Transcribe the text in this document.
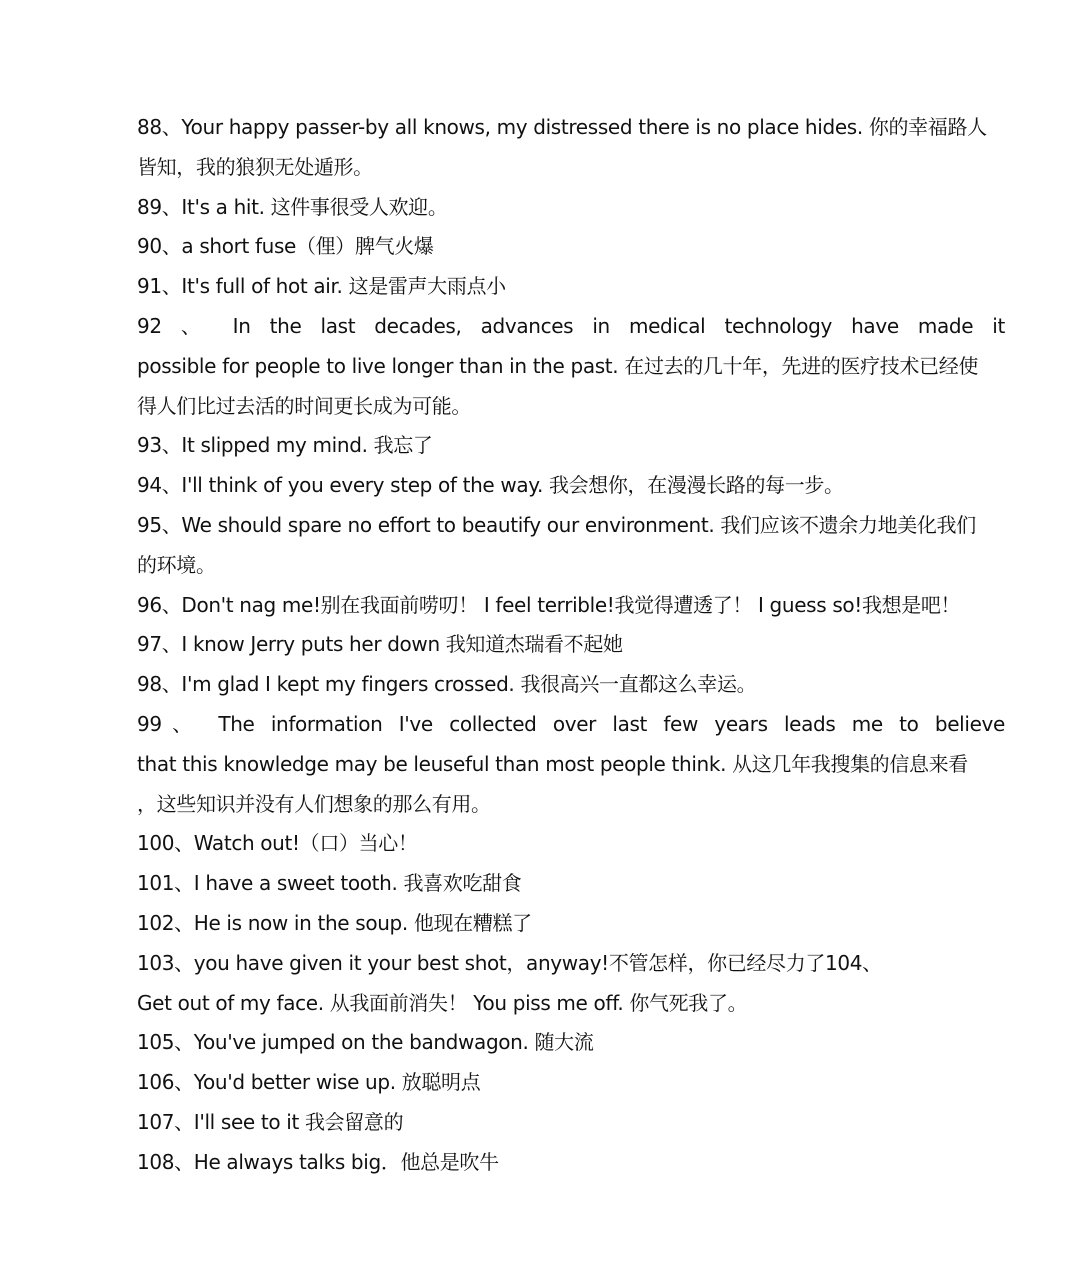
88、Your happy passer-by all knows, my distressed there is no place hides. 你的幸福路人
皆知，我的狼狈无处遁形。
89、It's a hit. 这件事很受人欢迎。
90、a short fuse（俚）脾气火爆
91、It's full of hot air. 这是雷声大雨点小
92 、 In the last decades, advances in medical technology have made it
possible for people to live longer than in the past. 在过去的几十年，先进的医疗技术已经使
得人们比过去活的时间更长成为可能。
93、It slipped my mind. 我忘了
94、I'll think of you every step of the way. 我会想你，在漫漫长路的每一步。
95、We should spare no effort to beautify our environment. 我们应该不遗余力地美化我们
的环境。
96、Don't nag me!别在我面前唠叨！ I feel terrible!我觉得遭透了！ I guess so!我想是吧！
97、I know Jerry puts her down 我知道杰瑞看不起她
98、I'm glad I kept my fingers crossed. 我很高兴一直都这么幸运。
99、 The information I've collected over last few years leads me to believe
that this knowledge may be leuseful than most people think. 从这几年我搜集的信息来看
，这些知识并没有人们想象的那么有用。
100、Watch out!（口）当心！
101、I have a sweet tooth. 我喜欢吃甜食
102、He is now in the soup. 他现在糟糕了
103、you have given it your best shot，anyway!不管怎样，你已经尽力了104、
Get out of my face. 从我面前消失！ You piss me off. 你气死我了。
105、You've jumped on the bandwagon. 随大流
106、You'd better wise up. 放聪明点
107、I'll see to it 我会留意的
108、He always talks big．他总是吹牛
